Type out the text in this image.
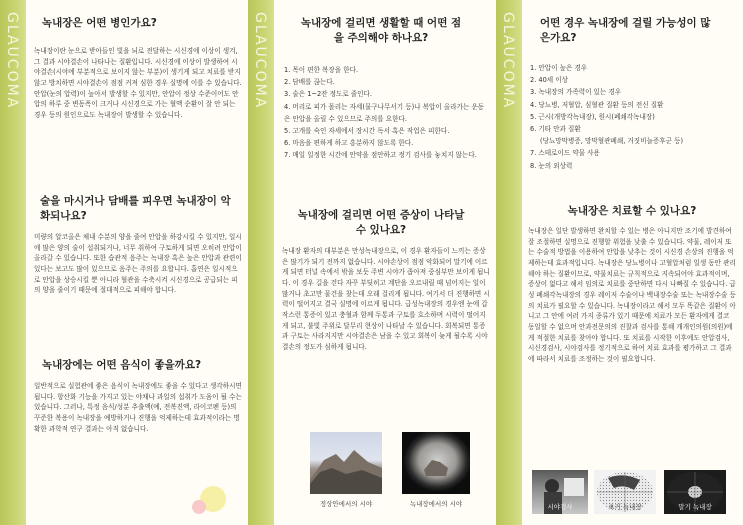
GLAUCOMA 녹내장은 어떤 병인가요?
녹내장이란 눈으로 받아들인 빛을 뇌로 전달하는 시신경에 이상이 생겨, 그 결과 시야결손이 나타나는 질환입니다. 시신경에 이상이 발생하여 시야결손(시야에 부분적으로 보이지 않는 부분)이 생기게 되고 치료를 받지 않고 방치하면 시야결손이 점점 커져 심한 경우 실명에 이를 수 있습니다. 안압(눈의 압력)이 높아서 발생할 수 있지만, 안압이 정상 수준이어도 안압의 하루 중 변동폭이 크거나 시신경으로 가는 혈액 순환이 잘 안 되는 경우 등의 원인으로도 녹내장이 발생할 수 있습니다.
술을 마시거나 담배를 피우면 녹내장이 악화되나요?
미량의 알코올은 체내 수분의 양을 줄여 안압을 하강시킬 수 있지만, 일시에 많은 양의 술이 섭취되거나, 너무 취하여 구토하게 되면 오히려 안압이 올라갈 수 있습니다. 또한 습관적 음주는 녹내장 혹은 높은 안압과 관련이 있다는 보고도 많이 있으므로 음주는 주의를 요합니다. 흡연은 일시적으로 안압을 상승시킬 뿐 아니라 혈관을 수축시켜 시신경으로 공급되는 피의 양을 줄이기 때문에 절대적으로 피해야 합니다.
녹내장에는 어떤 음식이 좋을까요?
일반적으로 실험관에 좋은 음식이 녹내장에도 좋을 수 있다고 생각하시면 됩니다. 항산화 기능을 가지고 있는 야채나 과일의 섭취가 도움이 될 수는 있습니다. 그러나, 특정 음식/성분 추출액(예, 전복진액, 라이코펜 등)의 꾸준한 복용이 녹내장을 예방하거나 진행을 억제하는데 효과적이라는 명확한 과학적 연구 결과는 아직 없습니다.
GLAUCOMA	녹내장에 걸리면 생활할 때 어떤 점을 주의해야 하나요?
1. 목이 편한 복장을 한다.
2. 담배를 끊는다.
3. 술은 1~2잔 정도로 줄인다.
4. 머리로 피가 몰리는 자세(물구나무서기 등)나 복압이 올라가는 운동은 안압을 올릴 수 있으므로 주의를 요한다.
5. 고개를 숙인 자세에서 장시간 독서 혹은 작업은 피한다.
6. 마음을 편하게 하고 흥분하지 않도록 한다.
7. 매일 일정한 시간에 안약을 점안하고 정기 검사를 놓치지 않는다.
녹내장에 걸리면 어떤 증상이 나타날 수 있나요?
녹내장 환자의 대부분은 만성녹내장으로, 이 경우 환자들이 느끼는 증상은 많기가 되기 전까지 없습니다. 시야손상이 점점 악화되어 말기에 이르게 되면 터널 속에서 밖을 보듯 주변 시야가 좁아져 중심부만 보이게 됩니다. 이 경우 길을 걷다 자꾸 부딪히고 계단을 오르내릴 때 넘어지는 일이 많거나 초고만 물건을 찾는데 오래 걸리게 됩니다. 여기서 더 진행하면 시력이 떨어지고 결국 실명에 이르게 됩니다. 급성녹내장의 경우엔 눈에 갑작스런 통증이 있고 충혈과 함께 두통과 구토를 호소하며 시력이 떨어지게 되고, 불빛 주위로 달무리 현상이 나타날 수 있습니다. 회복되면 통증과 구토는 사라지지만 시야결손은 남을 수 있고 회복이 늦게 될수록 시야결손의 정도가 심하게 됩니다.
정상안에서의 시야	녹내장에서의 시야
GLAUCOMA 어떤 경우 녹내장에 걸릴 가능성이 많은가요?
1. 안압이 높은 경우
2. 40세 이상
3. 녹내장의 가족력이 있는 경우
4. 당뇨병, 저혈압, 심혈관 질환 등의 전신 질환
5. 근시(개방각녹내장), 원시(폐쇄각녹내장)
6. 기타 안과 질환
(당뇨망막병증, 망막혈관폐쇄, 거짓비늘증후군 등)
7. 스테로이드 약물 사용
8. 눈의 외상력
녹내장은 치료할 수 있나요?
녹내장은 일단 발생하면 완치할 수 있는 병은 아니지만 조기에 발견하여 잘 조절하면 실명으로 진행할 위험을 낮출 수 있습니다. 약물, 레이저 또는 수술적 방법을 이용하여 안압을 낮추는 것이 시신경 손상의 진행을 억제하는데 효과적입니다. 녹내장은 당뇨병이나 고혈압처럼 일생 동안 관리해야 하는 질환이므로, 약물치료는 규칙적으로 지속되어야 효과적이며, 증상이 없다고 해서 임의로 치료를 중단하면 다시 나빠질 수 있습니다. 급성 폐쇄각녹내장의 경우 레이저 수술이나 백내장수술 또는 녹내장수술 등의 치료가 필요할 수 있습니다. 녹내장이라고 해서 모두 똑같은 질환이 아니고 그 안에 여러 가지 종류가 있기 때문에 치료가 모든 환자에게 결코 동일할 수 없으며 안과전문의의 진찰과 검사를 통해 개개인의원(의원)에게 적절한 치료를 찾아야 합니다. 또 치료를 시작한 이후에도 안압검사, 시신경검사, 시야검사를 정기적으로 하여 치료 효과를 평가하고 그 결과에 따라서 치료를 조정하는 것이 필요합니다.
시야검사	초기 녹내장	말기 녹내장
